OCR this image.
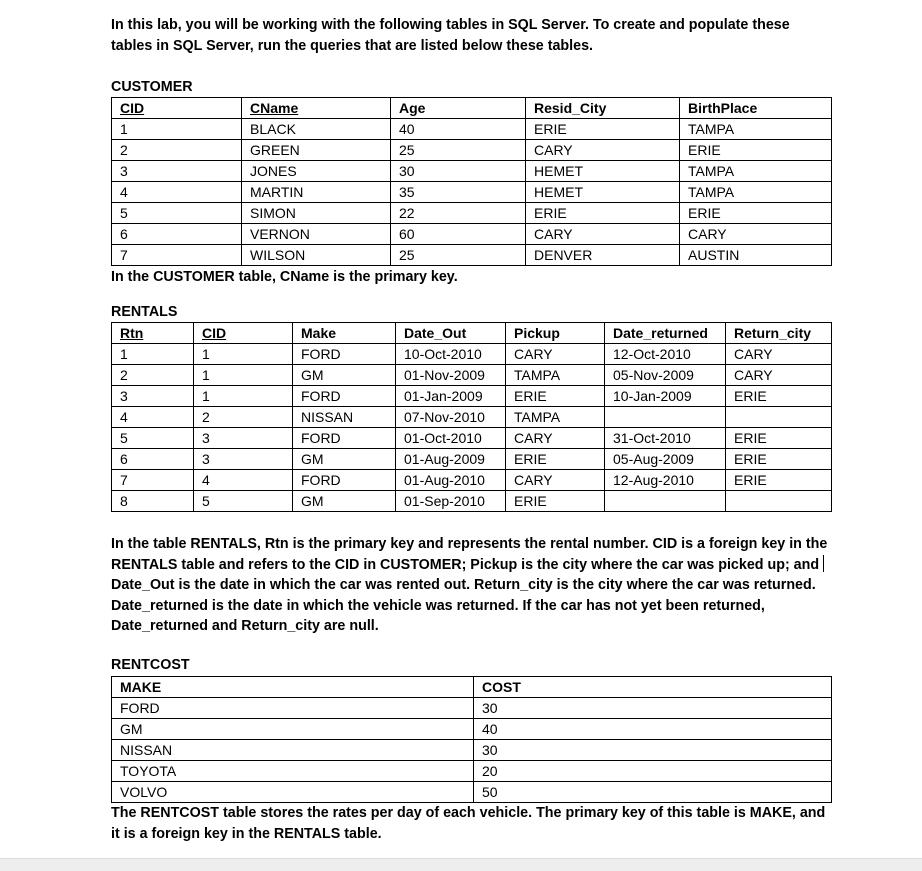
In this lab, you will be working with the following tables in SQL Server. To create and populate these tables in SQL Server, run the queries that are listed below these tables.

CUSTOMER

CID	CName	Age	Resid_City	BirthPlace
1	BLACK	40	ERIE	TAMPA
2	GREEN	25	CARY	ERIE
3	JONES	30	HEMET	TAMPA
4	MARTIN	35	HEMET	TAMPA
5	SIMON	22	ERIE	ERIE
6	VERNON	60	CARY	CARY
7	WILSON	25	DENVER	AUSTIN

In the CUSTOMER table, CName is the primary key.

RENTALS

Rtn	CID	Make	Date_Out	Pickup	Date_returned	Return_city
1	1	FORD	10-Oct-2010	CARY	12-Oct-2010	CARY
2	1	GM	01-Nov-2009	TAMPA	05-Nov-2009	CARY
3	1	FORD	01-Jan-2009	ERIE	10-Jan-2009	ERIE
4	2	NISSAN	07-Nov-2010	TAMPA		
5	3	FORD	01-Oct-2010	CARY	31-Oct-2010	ERIE
6	3	GM	01-Aug-2009	ERIE	05-Aug-2009	ERIE
7	4	FORD	01-Aug-2010	CARY	12-Aug-2010	ERIE
8	5	GM	01-Sep-2010	ERIE		

In the table RENTALS, Rtn is the primary key and represents the rental number. CID is a foreign key in the RENTALS table and refers to the CID in CUSTOMER; Pickup is the city where the car was picked up; and Date_Out is the date in which the car was rented out. Return_city is the city where the car was returned. Date_returned is the date in which the vehicle was returned. If the car has not yet been returned, Date_returned and Return_city are null.

RENTCOST

MAKE	COST
FORD	30
GM	40
NISSAN	30
TOYOTA	20
VOLVO	50

The RENTCOST table stores the rates per day of each vehicle. The primary key of this table is MAKE, and it is a foreign key in the RENTALS table.
